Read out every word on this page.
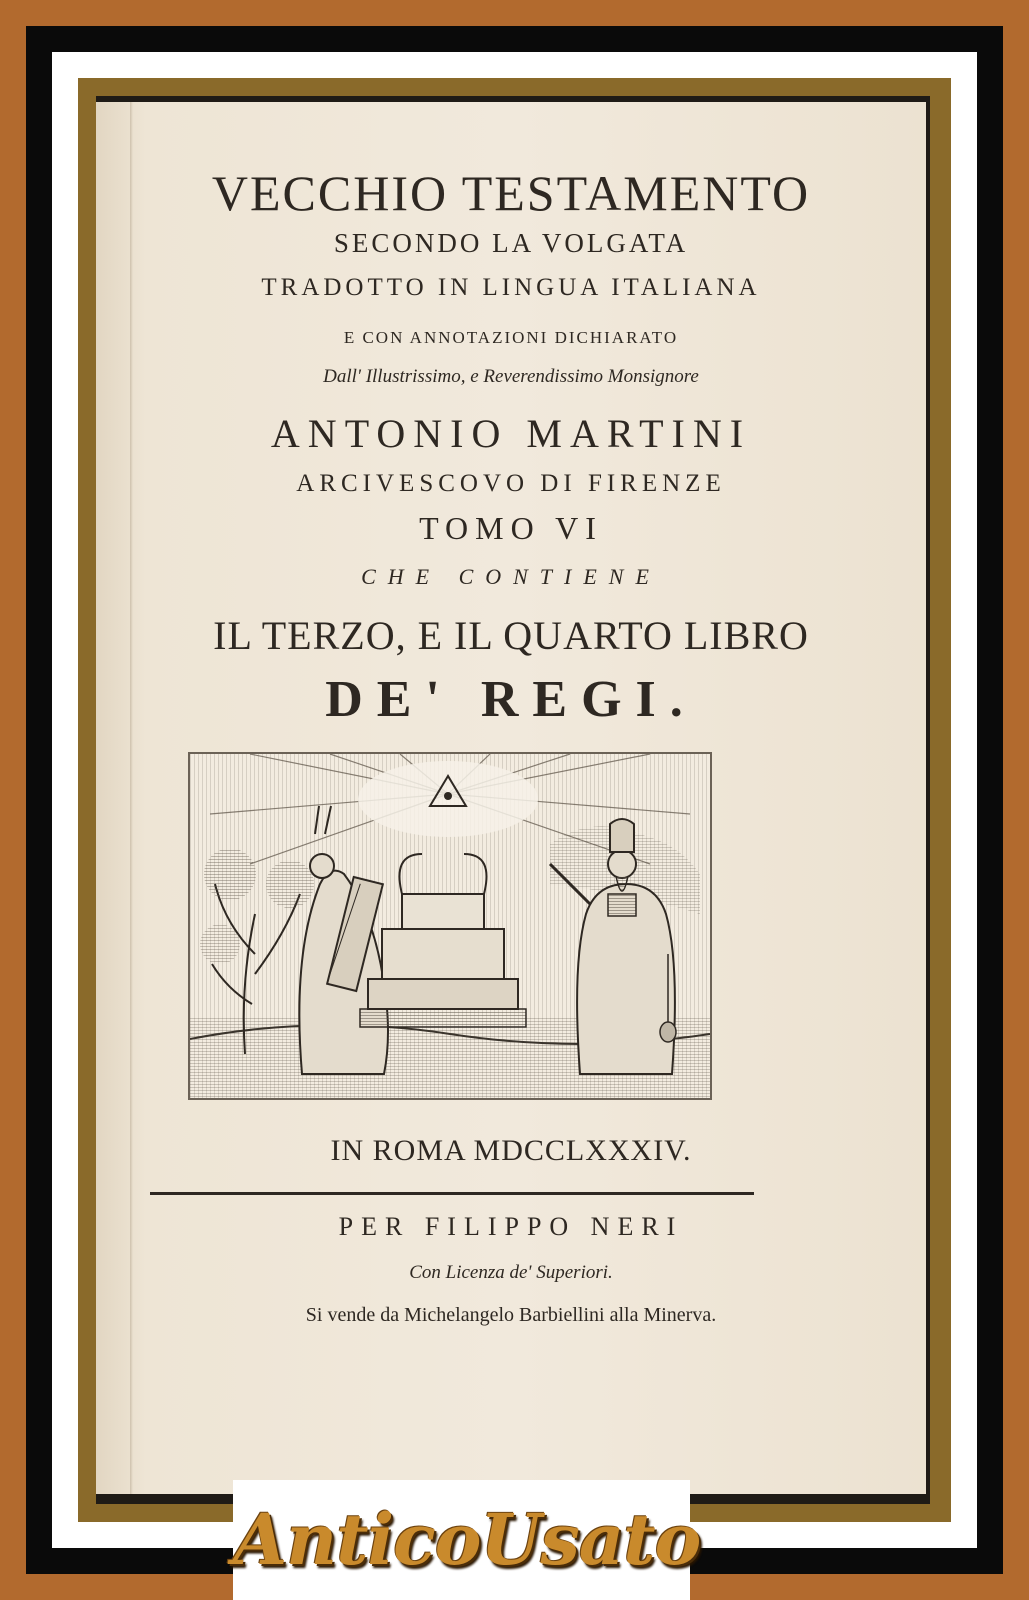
VECCHIO TESTAMENTO
SECONDO LA VOLGATA
TRADOTTO IN LINGUA ITALIANA
E CON ANNOTAZIONI DICHIARATO
Dall' Illustrissimo, e Reverendissimo Monsignore
ANTONIO MARTINI
ARCIVESCOVO DI FIRENZE
TOMO VI
CHE CONTIENE
IL TERZO, E IL QUARTO LIBRO
DE' REGI.
IN ROMA MDCCLXXXIV.
PER FILIPPO NERI
Con Licenza de' Superiori.
Si vende da Michelangelo Barbiellini alla Minerva.
AnticoUsato
